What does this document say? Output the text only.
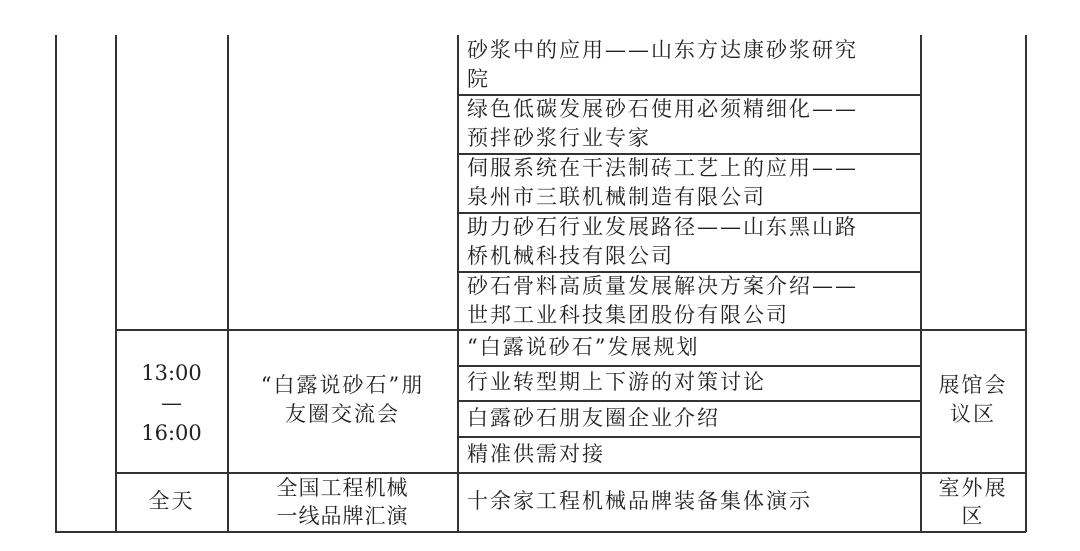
砂浆中的应用——山东方达康砂浆研究
院
绿色低碳发展砂石使用必须精细化——
预拌砂浆行业专家
伺服系统在干法制砖工艺上的应用——
泉州市三联机械制造有限公司
助力砂石行业发展路径——山东黑山路
桥机械科技有限公司
砂石骨料高质量发展解决方案介绍——
世邦工业科技集团股份有限公司
13:00
—
16:00
“白露说砂石”朋
友圈交流会
“白露说砂石”发展规划
行业转型期上下游的对策讨论
白露砂石朋友圈企业介绍
精准供需对接
展馆会
议区
全天
全国工程机械
一线品牌汇演
十余家工程机械品牌装备集体演示
室外展
区
